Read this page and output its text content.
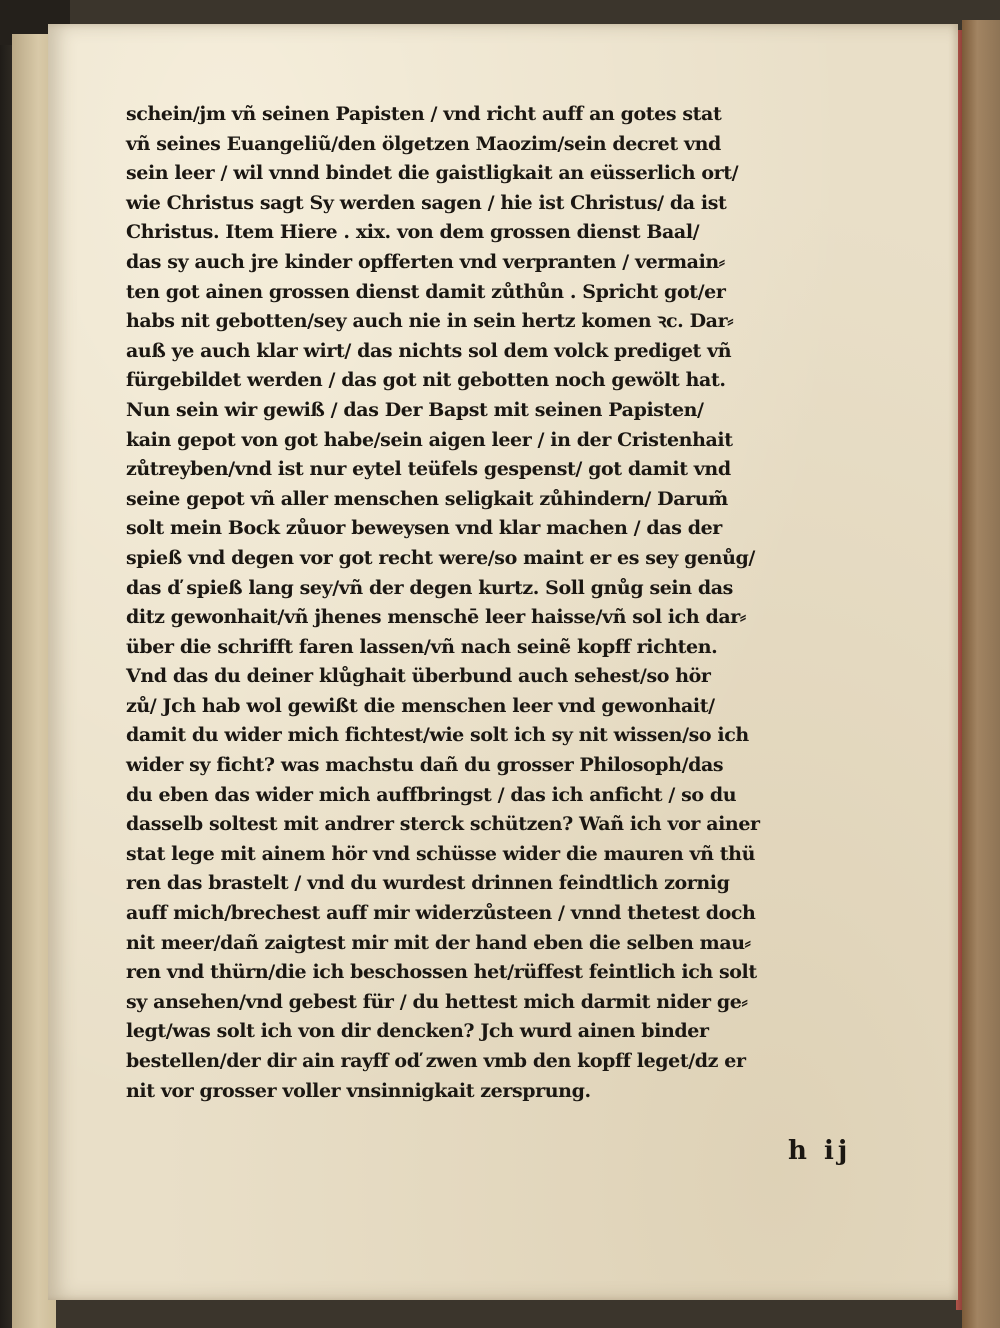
schein/jm vñ seinen Papisten / vnd richt auff an gotes stat
vñ seines Euangeliũ/den ölgetzen Maozim/sein decret vnd
sein leer / wil vnnd bindet die gaistligkait an eüsserlich ort/
wie Christus sagt Sy werden sagen / hie ist Christus/ da ist
Christus. Item Hiere . xix. von dem grossen dienst Baal/
das sy auch jre kinder opfferten vnd verpranten / vermain⸗
ten got ainen grossen dienst damit zůthůn . Spricht got/er
habs nit gebotten/sey auch nie in sein hertz komen ꝛc. Dar⸗
auß ye auch klar wirt/ das nichts sol dem volck prediget vñ
fürgebildet werden / das got nit gebotten noch gewölt hat.
Nun sein wir gewiß / das Der Bapst mit seinen Papisten/
kain gepot von got habe/sein aigen leer / in der Cristenhait
zůtreyben/vnd ist nur eytel teüfels gespenst/ got damit vnd
seine gepot vñ aller menschen seligkait zůhindern/ Darum̃
solt mein Bock zůuor beweysen vnd klar machen / das der
spieß vnd degen vor got recht were/so maint er es sey genůg/
das ď spieß lang sey/vñ der degen kurtz. Soll gnůg sein das
ditz gewonhait/vñ jhenes menschē leer haisse/vñ sol ich dar⸗
über die schrifft faren lassen/vñ nach seinẽ kopff richten.
Vnd das du deiner klůghait überbund auch sehest/so hör
zů/ Jch hab wol gewißt die menschen leer vnd gewonhait/
damit du wider mich fichtest/wie solt ich sy nit wissen/so ich
wider sy ficht? was machstu dañ du grosser Philosoph/das
du eben das wider mich auffbringst / das ich anficht / so du
dasselb soltest mit andrer sterck schützen? Wañ ich vor ainer
stat lege mit ainem hör vnd schüsse wider die mauren vñ thü
ren das brastelt / vnd du wurdest drinnen feindtlich zornig
auff mich/brechest auff mir widerzůsteen / vnnd thetest doch
nit meer/dañ zaigtest mir mit der hand eben die selben mau⸗
ren vnd thürn/die ich beschossen het/rüffest feintlich ich solt
sy ansehen/vnd gebest für / du hettest mich darmit nider ge⸗
legt/was solt ich von dir dencken? Jch wurd ainen binder
bestellen/der dir ain rayff oď zwen vmb den kopff leget/dz er
nit vor grosser voller vnsinnigkait zersprung.
h ij
